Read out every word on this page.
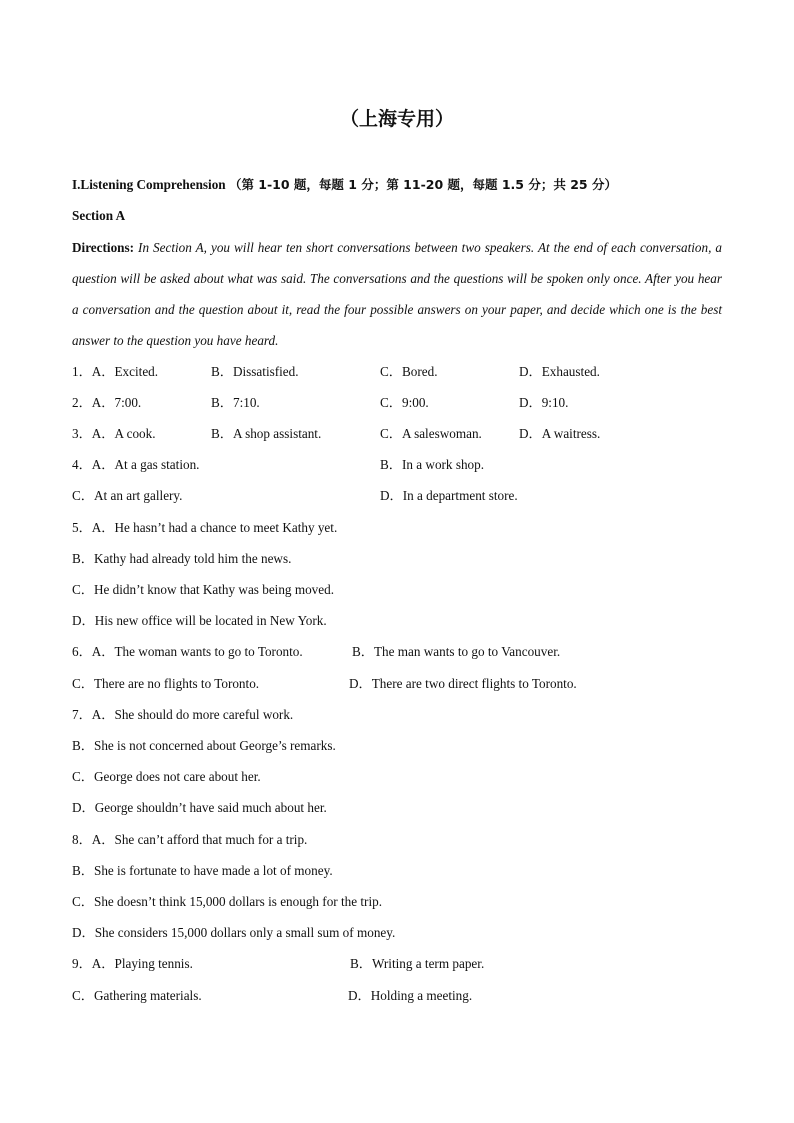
（上海专用）
I.Listening Comprehension （第 1-10 题，每题 1 分；第 11-20 题，每题 1.5 分；共 25 分）
Section A
Directions: In Section A, you will hear ten short conversations between two speakers. At the end of each conversation, a question will be asked about what was said. The conversations and the questions will be spoken only once. After you hear a conversation and the question about it, read the four possible answers on your paper, and decide which one is the best answer to the question you have heard.
1．A．Excited.	B．Dissatisfied.	C．Bored.	D．Exhausted.
2．A．7:00.	B．7:10.	C．9:00.	D．9:10.
3．A．A cook.	B．A shop assistant.	C．A saleswoman.	D．A waitress.
4．A．At a gas station.	B．In a work shop.
C．At an art gallery.	D．In a department store.
5．A．He hasn’t had a chance to meet Kathy yet.
B．Kathy had already told him the news.
C．He didn’t know that Kathy was being moved.
D．His new office will be located in New York.
6．A．The woman wants to go to Toronto.	B．The man wants to go to Vancouver.
C．There are no flights to Toronto.	D．There are two direct flights to Toronto.
7．A．She should do more careful work.
B．She is not concerned about George’s remarks.
C．George does not care about her.
D．George shouldn’t have said much about her.
8．A．She can’t afford that much for a trip.
B．She is fortunate to have made a lot of money.
C．She doesn’t think 15,000 dollars is enough for the trip.
D．She considers 15,000 dollars only a small sum of money.
9．A．Playing tennis.	B．Writing a term paper.
C．Gathering materials.	D．Holding a meeting.
